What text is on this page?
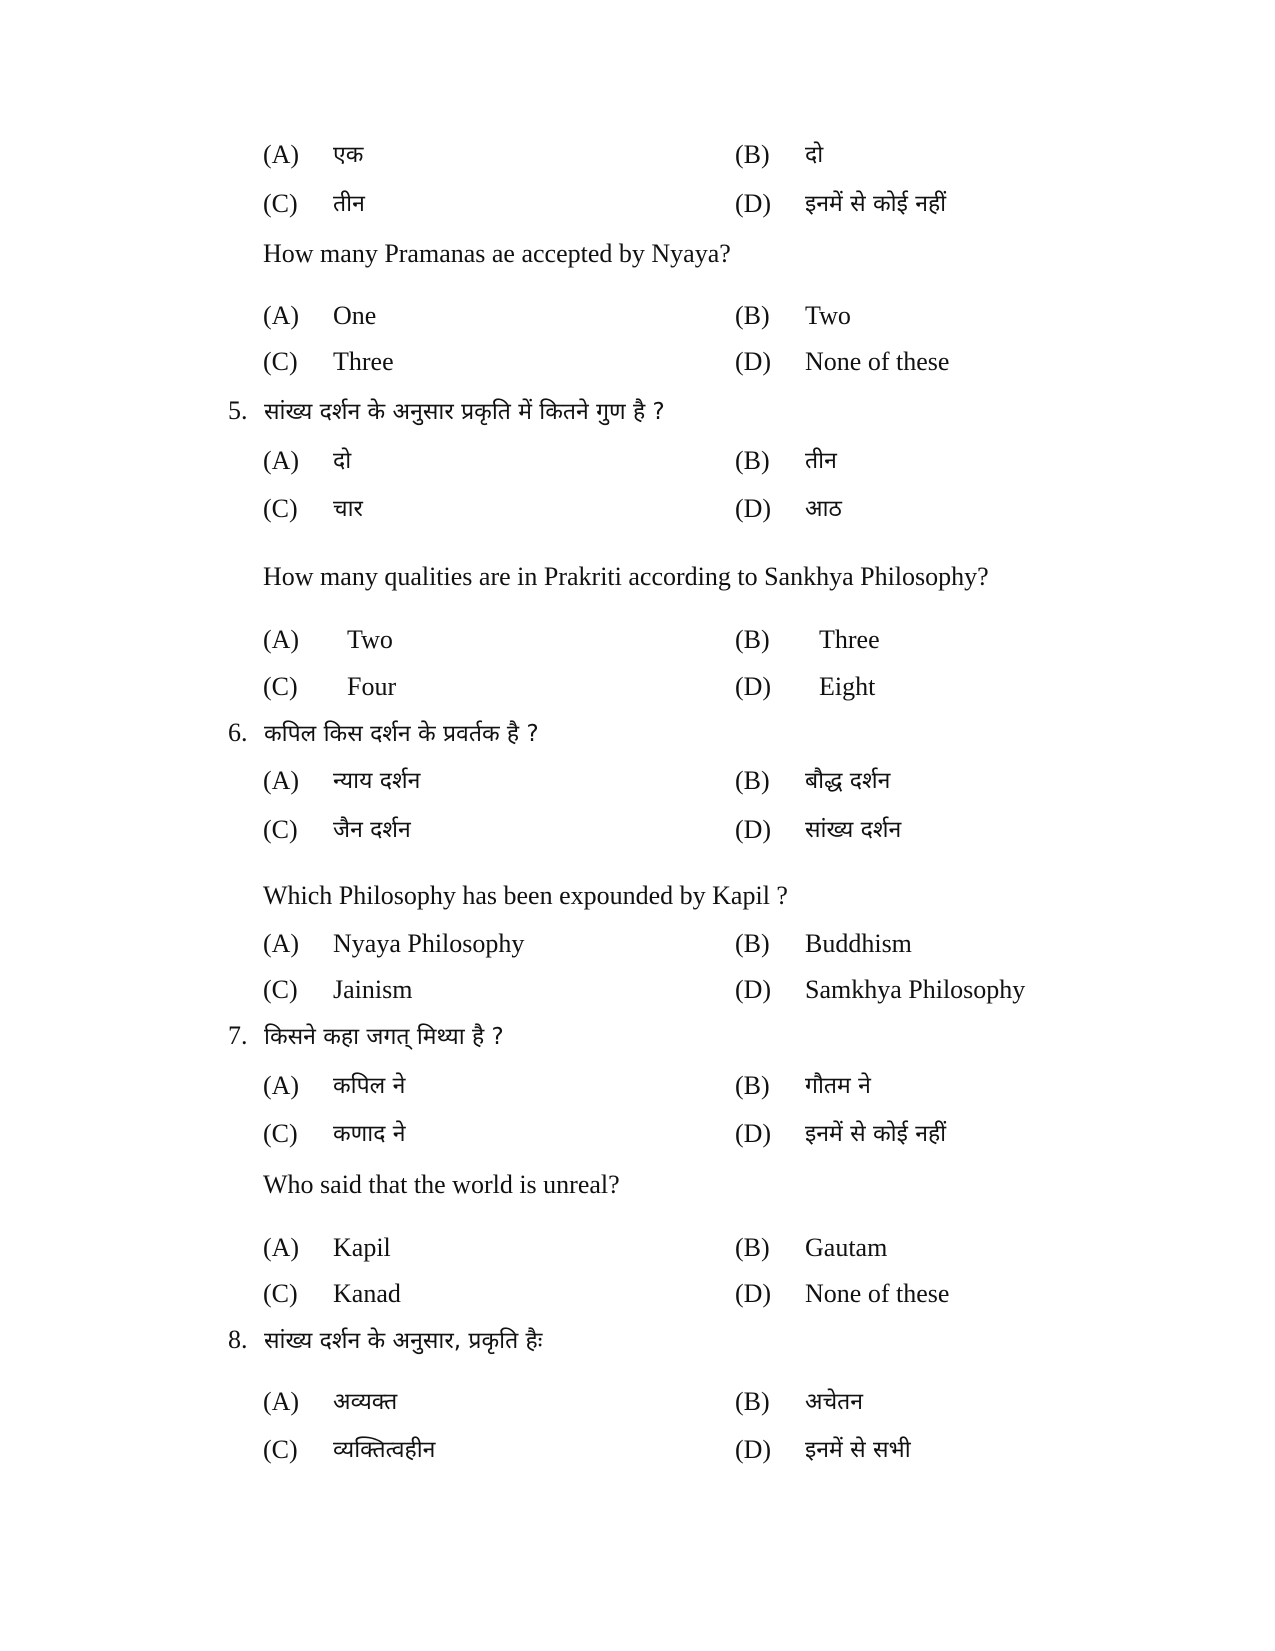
(A) एक	(B) दो
(C) तीन	(D) इनमें से कोई नहीं
How many Pramanas ae accepted by Nyaya?
(A) One	(B) Two
(C) Three	(D) None of these
5. सांख्य दर्शन के अनुसार प्रकृति में कितने गुण है ?
(A) दो	(B) तीन
(C) चार	(D) आठ
How many qualities are in Prakriti according to Sankhya Philosophy?
(A) Two	(B) Three
(C) Four	(D) Eight
6. कपिल किस दर्शन के प्रवर्तक है ?
(A) न्याय दर्शन	(B) बौद्ध दर्शन
(C) जैन दर्शन	(D) सांख्य दर्शन
Which Philosophy has been expounded by Kapil ?
(A) Nyaya Philosophy	(B) Buddhism
(C) Jainism	(D) Samkhya Philosophy
7. किसने कहा जगत् मिथ्या है ?
(A) कपिल ने	(B) गौतम ने
(C) कणाद ने	(D) इनमें से कोई नहीं
Who said that the world is unreal?
(A) Kapil	(B) Gautam
(C) Kanad	(D) None of these
8. सांख्य दर्शन के अनुसार, प्रकृति हैः
(A) अव्यक्त	(B) अचेतन
(C) व्यक्तित्वहीन	(D) इनमें से सभी
